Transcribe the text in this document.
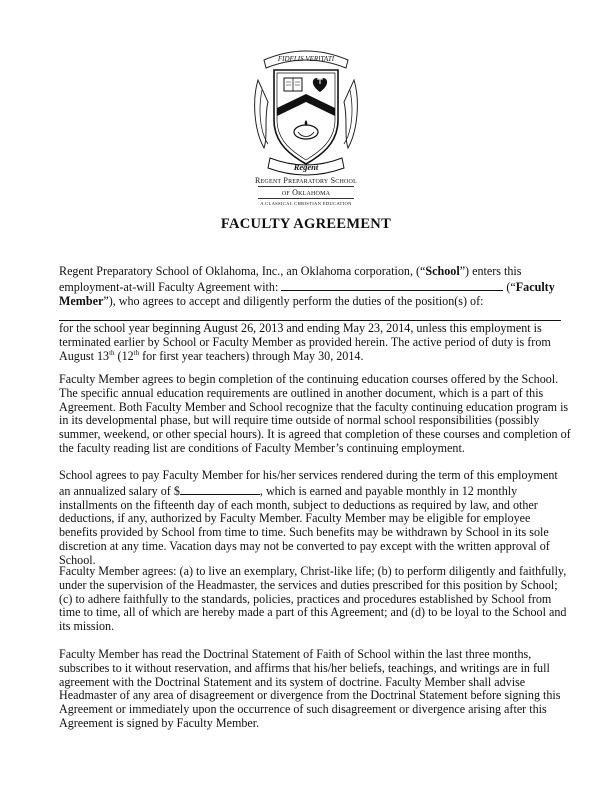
FIDELIS VERITATI
Regent
Regent Preparatory School
of Oklahoma
A CLASSICAL CHRISTIAN EDUCATION
FACULTY AGREEMENT

Regent Preparatory School of Oklahoma, Inc., an Oklahoma corporation, (“School”) enters this employment-at-will Faculty Agreement with:	(“Faculty Member”), who agrees to accept and diligently perform the duties of the position(s) of:
for the school year beginning August 26, 2013 and ending May 23, 2014, unless this employment is terminated earlier by School or Faculty Member as provided herein. The active period of duty is from August 13th (12th for first year teachers) through May 30, 2014.

Faculty Member agrees to begin completion of the continuing education courses offered by the School. The specific annual education requirements are outlined in another document, which is a part of this Agreement. Both Faculty Member and School recognize that the faculty continuing education program is in its developmental phase, but will require time outside of normal school responsibilities (possibly summer, weekend, or other special hours). It is agreed that completion of these courses and completion of the faculty reading list are conditions of Faculty Member’s continuing employment.

School agrees to pay Faculty Member for his/her services rendered during the term of this employment an annualized salary of $	, which is earned and payable monthly in 12 monthly installments on the fifteenth day of each month, subject to deductions as required by law, and other deductions, if any, authorized by Faculty Member. Faculty Member may be eligible for employee benefits provided by School from time to time. Such benefits may be withdrawn by School in its sole discretion at any time. Vacation days may not be converted to pay except with the written approval of School.

Faculty Member agrees: (a) to live an exemplary, Christ-like life; (b) to perform diligently and faithfully, under the supervision of the Headmaster, the services and duties prescribed for this position by School; (c) to adhere faithfully to the standards, policies, practices and procedures established by School from time to time, all of which are hereby made a part of this Agreement; and (d) to be loyal to the School and its mission.

Faculty Member has read the Doctrinal Statement of Faith of School within the last three months, subscribes to it without reservation, and affirms that his/her beliefs, teachings, and writings are in full agreement with the Doctrinal Statement and its system of doctrine. Faculty Member shall advise Headmaster of any area of disagreement or divergence from the Doctrinal Statement before signing this Agreement or immediately upon the occurrence of such disagreement or divergence arising after this Agreement is signed by Faculty Member.
